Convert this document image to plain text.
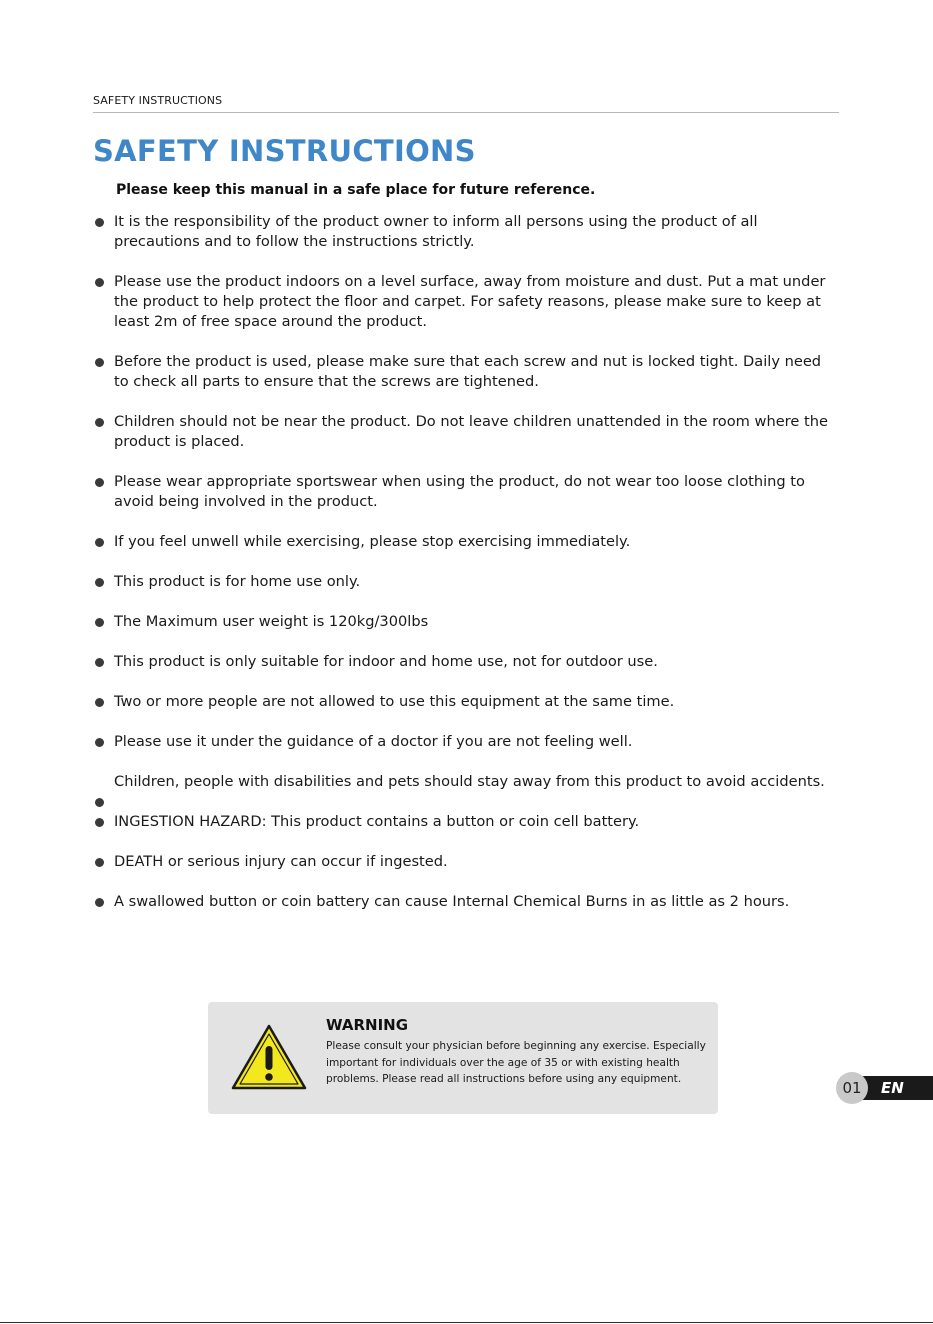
SAFETY INSTRUCTIONS
SAFETY INSTRUCTIONS
Please keep this manual in a safe place for future reference.
It is the responsibility of the product owner to inform all persons using the product of all precautions and to follow the instructions strictly.
Please use the product indoors on a level surface, away from moisture and dust. Put a mat under the product to help protect the floor and carpet. For safety reasons, please make sure to keep at least 2m of free space around the product.
Before the product is used, please make sure that each screw and nut is locked tight. Daily need to check all parts to ensure that the screws are tightened.
Children should not be near the product. Do not leave children unattended in the room where the product is placed.
Please wear appropriate sportswear when using the product, do not wear too loose clothing to avoid being involved in the product.
If you feel unwell while exercising, please stop exercising immediately.
This product is for home use only.
The Maximum user weight is 120kg/300lbs
This product is only suitable for indoor and home use, not for outdoor use.
Two or more people are not allowed to use this equipment at the same time.
Please use it under the guidance of a doctor if you are not feeling well.
Children, people with disabilities and pets should stay away from this product to avoid accidents.
INGESTION HAZARD: This product contains a button or coin cell battery.
DEATH or serious injury can occur if ingested.
A swallowed button or coin battery can cause Internal Chemical Burns in as little as 2 hours.
WARNING
Please consult your physician before beginning any exercise. Especially important for individuals over the age of 35 or with existing health problems. Please read all instructions before using any equipment.	EN
01
